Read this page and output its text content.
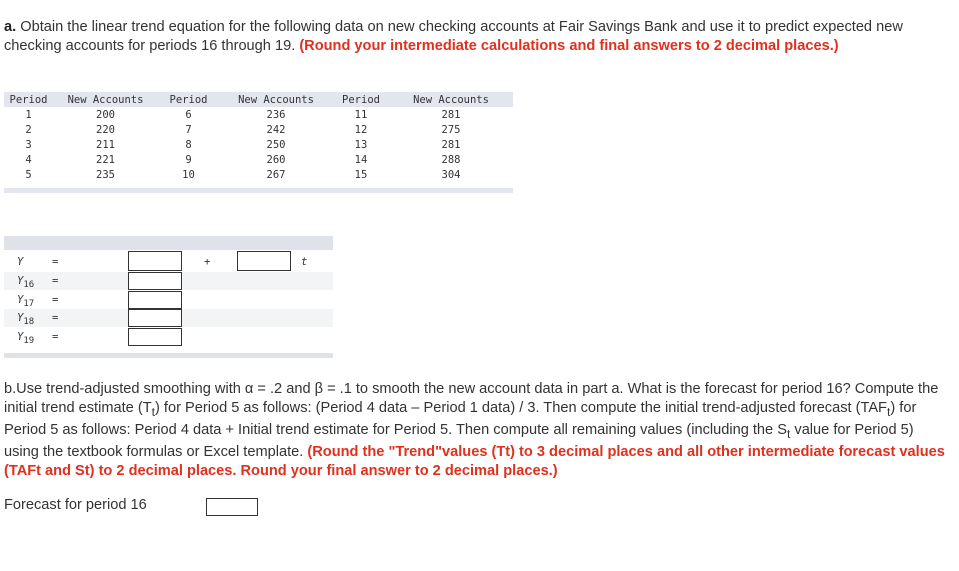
a. Obtain the linear trend equation for the following data on new checking accounts at Fair Savings Bank and use it to predict expected new checking accounts for periods 16 through 19. (Round your intermediate calculations and final answers to 2 decimal places.)
Period	New Accounts	Period	New Accounts	Period	New Accounts
1	200	6	236	11	281
2	220	7	242	12	275
3	211	8	250	13	281
4	221	9	260	14	288
5	235	10	267	15	304
Y	=	+	t
$Y_{16}$ =
$Y_{17}$ =
$Y_{18}$ =
$Y_{19}$ =
b.Use trend-adjusted smoothing with α = .2 and β = .1 to smooth the new account data in part a. What is the forecast for period 16? Compute the initial trend estimate $(T_t)$ for Period 5 as follows: (Period 4 data – Period 1 data) / 3. Then compute the initial trend-adjusted forecast $(TAF_t)$ for Period 5 as follows: Period 4 data + Initial trend estimate for Period 5. Then compute all remaining values (including the $S_t$ value for Period 5) using the textbook formulas or Excel template. (Round the "Trend"values (Tt) to 3 decimal places and all other intermediate forecast values (TAFt and St) to 2 decimal places. Round your final answer to 2 decimal places.)
Forecast for period 16
